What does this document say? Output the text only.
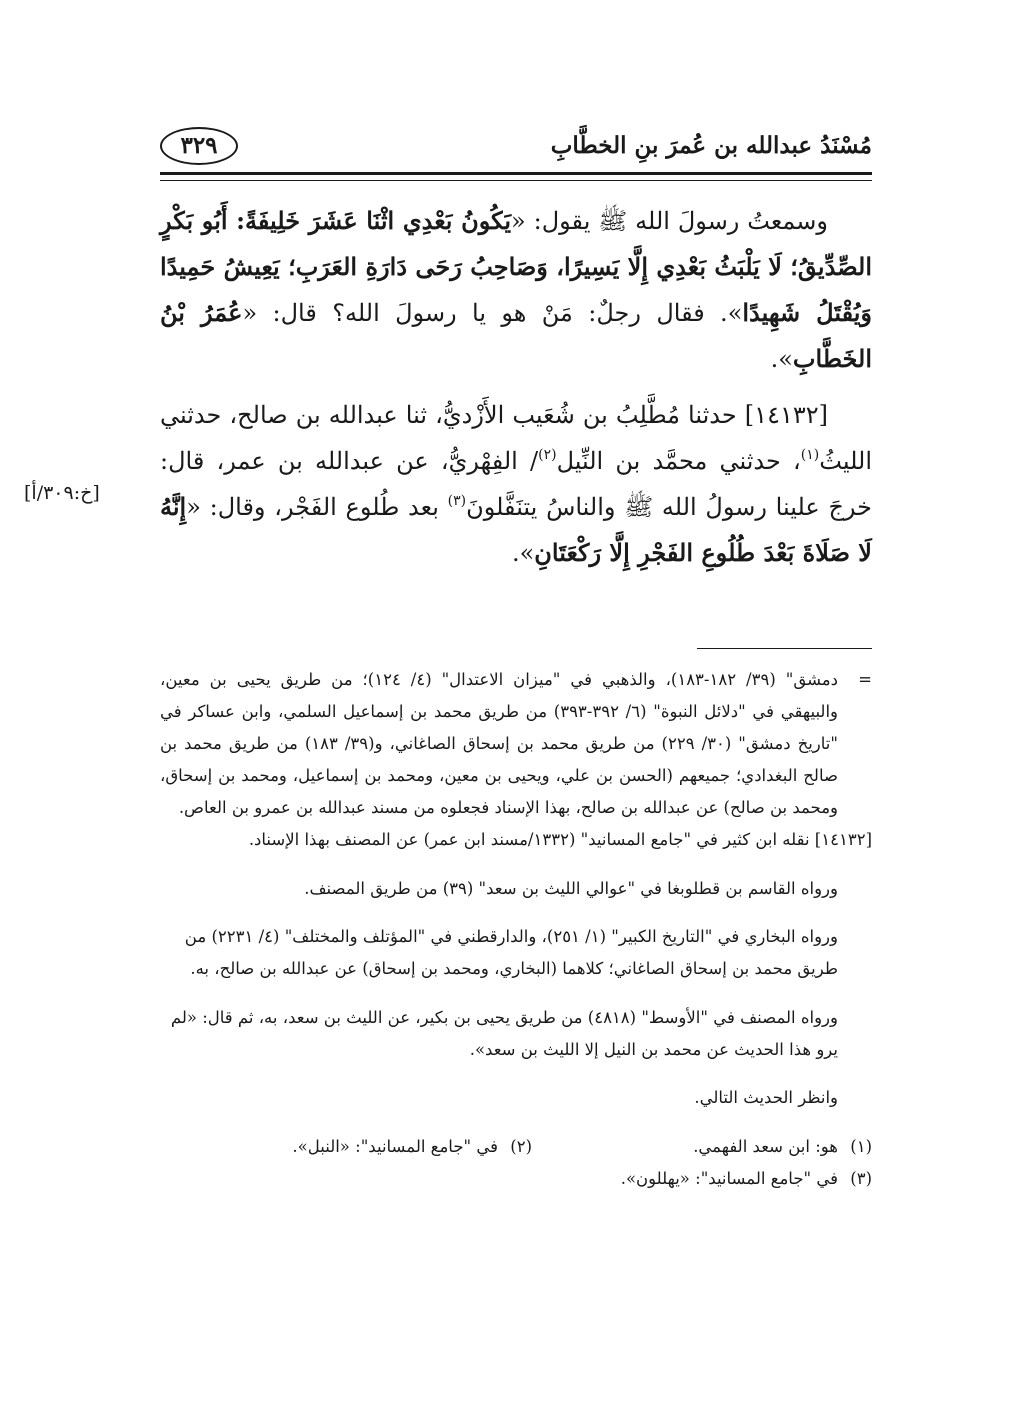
مُسْنَدُ عبدالله بن عُمرَ بنِ الخطَّابِ
٣٢٩
[خ:٣٠٩/أ]

وسمعتُ رسولَ الله ﷺ يقول: «يَكُونُ بَعْدِي اثْنَا عَشَرَ خَلِيفَةً: أَبُو بَكْرٍ الصِّدِّيقُ؛ لَا يَلْبَثُ بَعْدِي إِلَّا يَسِيرًا، وَصَاحِبُ رَحَى دَارَةِ العَرَبِ؛ يَعِيشُ حَمِيدًا وَيُقْتَلُ شَهِيدًا». فقال رجلٌ: مَنْ هو يا رسولَ الله؟ قال: «عُمَرُ بْنُ الخَطَّابِ».

[١٤١٣٢] حدثنا مُطَّلِبُ بن شُعَيب الأَزْديُّ، ثنا عبدالله بن صالح، حدثني الليثُ$^{(١)}$، حدثني محمَّد بن النِّيل$^{(٢)}$/ الفِهْريُّ، عن عبدالله بن عمر، قال: خرجَ علينا رسولُ الله ﷺ والناسُ يتنَفَّلونَ$^{(٣)}$ بعد طُلوع الفَجْر، وقال: «إِنَّهُ لَا صَلَاةَ بَعْدَ طُلُوعِ الفَجْرِ إِلَّا رَكْعَتَانِ».

=
دمشق" (٣٩/ ١٨٢-١٨٣)، والذهبي في "ميزان الاعتدال" (٤/ ١٢٤)؛ من طريق يحيى بن معين، والبيهقي في "دلائل النبوة" (٦/ ٣٩٢-٣٩٣) من طريق محمد بن إسماعيل السلمي، وابن عساكر في "تاريخ دمشق" (٣٠/ ٢٢٩) من طريق محمد بن إسحاق الصاغاني، و(٣٩/ ١٨٣) من طريق محمد بن صالح البغدادي؛ جميعهم (الحسن بن علي، ويحيى بن معين، ومحمد بن إسماعيل، ومحمد بن إسحاق، ومحمد بن صالح) عن عبدالله بن صالح، بهذا الإسناد فجعلوه من مسند عبدالله بن عمرو بن العاص.

[١٤١٣٢] نقله ابن كثير في "جامع المسانيد" (١٣٣٢/مسند ابن عمر) عن المصنف بهذا الإسناد.

ورواه القاسم بن قطلوبغا في "عوالي الليث بن سعد" (٣٩) من طريق المصنف.

ورواه البخاري في "التاريخ الكبير" (١/ ٢٥١)، والدارقطني في "المؤتلف والمختلف" (٤/ ٢٢٣١) من طريق محمد بن إسحاق الصاغاني؛ كلاهما (البخاري، ومحمد بن إسحاق) عن عبدالله بن صالح، به.

ورواه المصنف في "الأوسط" (٤٨١٨) من طريق يحيى بن بكير، عن الليث بن سعد، به، ثم قال: «لم يرو هذا الحديث عن محمد بن النيل إلا الليث بن سعد».

وانظر الحديث التالي.

(١)
هو: ابن سعد الفهمي.
(٢)
في "جامع المسانيد": «النبل».

(٣)
في "جامع المسانيد": «يهللون».
